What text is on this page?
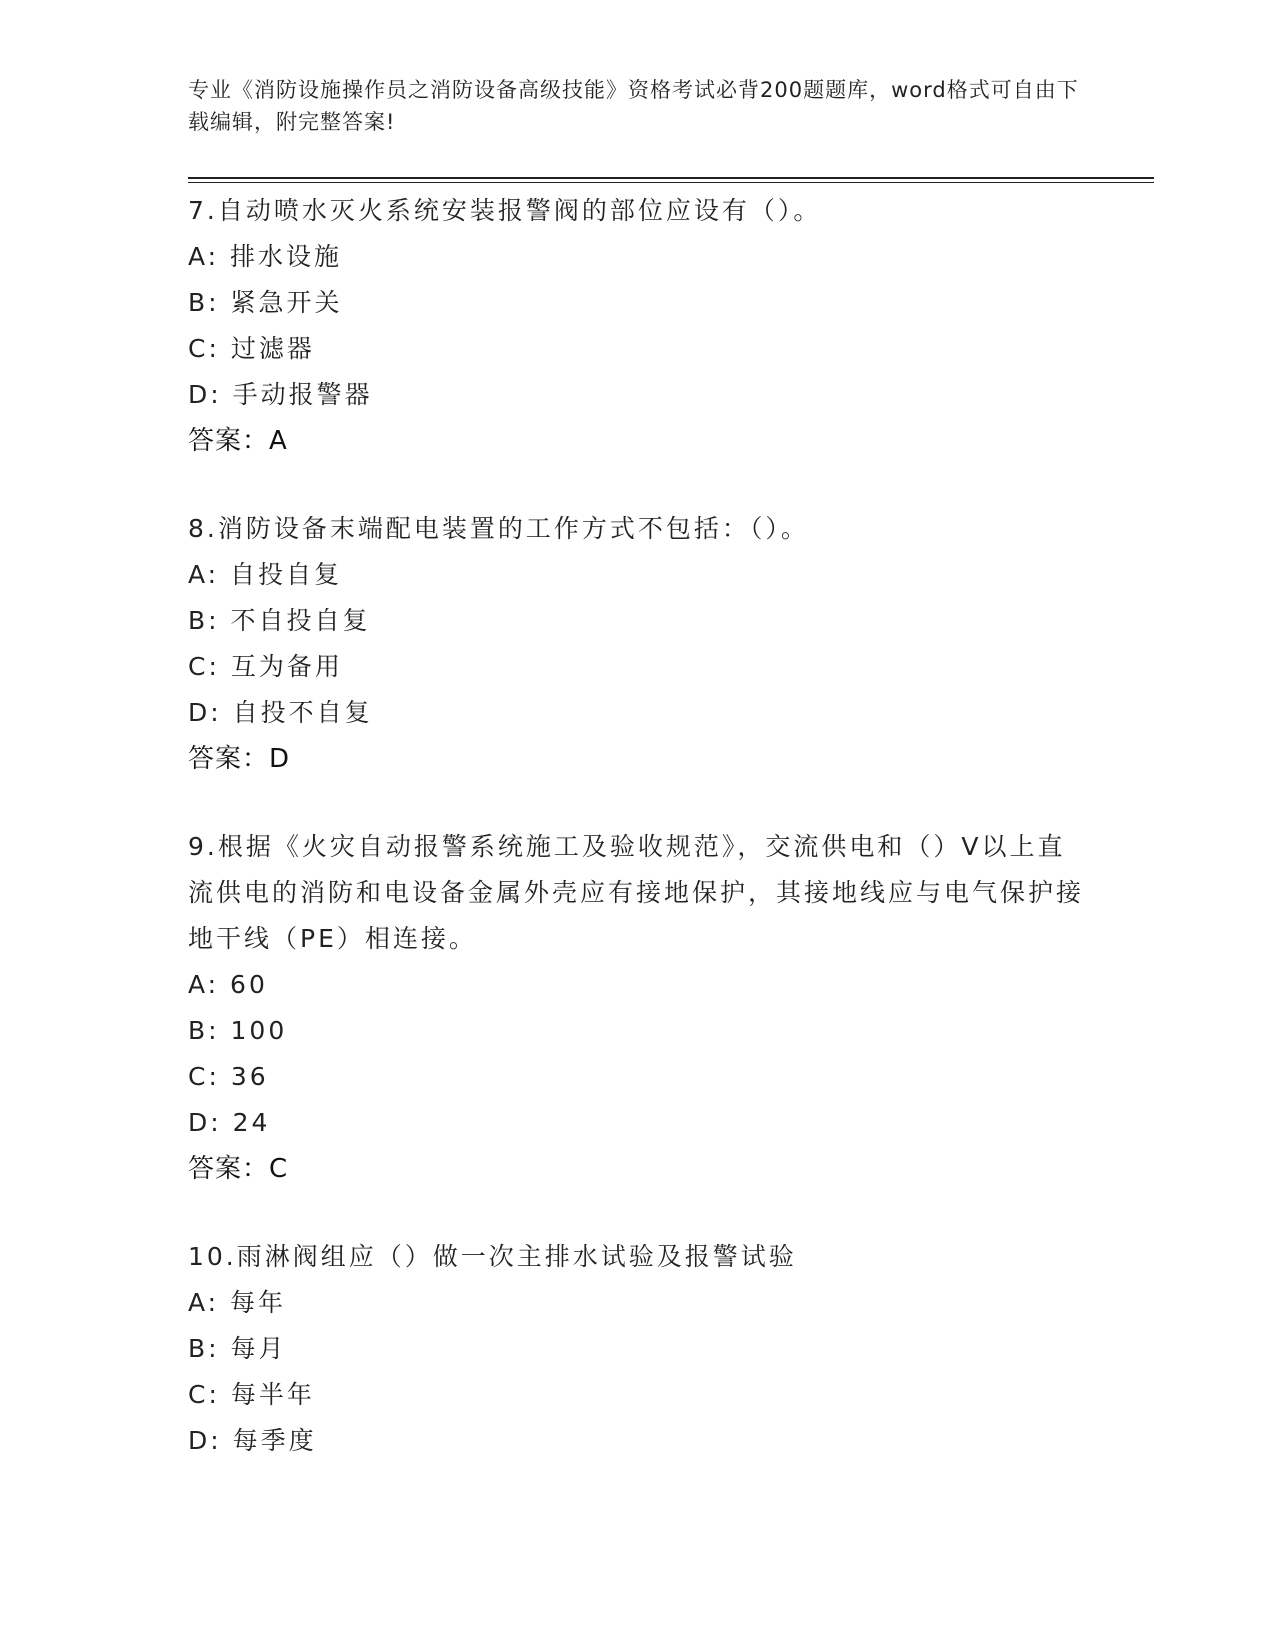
专业《消防设施操作员之消防设备高级技能》资格考试必背200题题库，word格式可自由下载编辑，附完整答案!
7.自动喷水灭火系统安装报警阀的部位应设有（）。
A: 排水设施
B: 紧急开关
C: 过滤器
D: 手动报警器
答案：A
8.消防设备末端配电装置的工作方式不包括：（）。
A: 自投自复
B: 不自投自复
C: 互为备用
D: 自投不自复
答案：D
9.根据《火灾自动报警系统施工及验收规范》，交流供电和（）V以上直流供电的消防和电设备金属外壳应有接地保护，其接地线应与电气保护接地干线（PE）相连接。
A: 60
B: 100
C: 36
D: 24
答案：C
10.雨淋阀组应（）做一次主排水试验及报警试验
A: 每年
B: 每月
C: 每半年
D: 每季度
